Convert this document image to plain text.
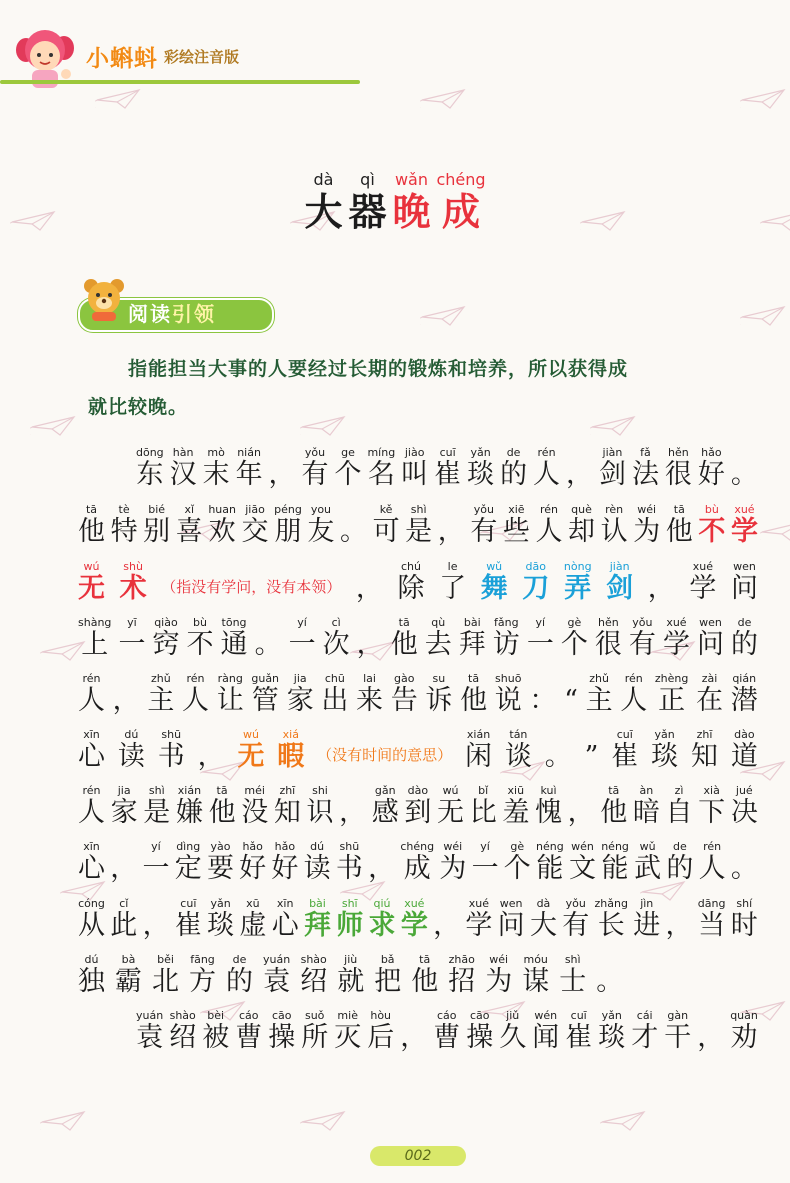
小蝌蚪 彩绘注音版
dà
大
qì
器
wǎn
晚
chéng
成
阅读引领
指能担当大事的人要经过长期的锻炼和培养，所以获得成
就比较晚。
dōng
东
hàn
汉
mò
末
nián
年 ，
yǒu
有
ge
个
míng
名
jiào
叫
cuī
崔
yǎn
琰
de
的
rén
人 ，
jiàn
剑
fǎ
法
hěn
很
hǎo
好 。
tā
他
tè
特
bié
别
xǐ
喜
huan
欢
jiāo
交
péng
朋
you
友 。
kě
可
shì
是 ，
yǒu
有
xiē
些
rén
人
què
却
rèn
认
wéi
为
tā
他
bù
不
xué
学
wú
无
shù
术 （指没有学问，没有本领） ，
chú
除
le
了
wǔ
舞
dāo
刀
nòng
弄
jiàn
剑 ，
xué
学
wen
问
shàng
上
yī
一
qiào
窍
bù
不
tōng
通 。
yí
一
cì
次 ，
tā
他
qù
去
bài
拜
fǎng
访
yí
一
gè
个
hěn
很
yǒu
有
xué
学
wen
问
de
的
rén
人 ，
zhǔ
主
rén
人
ràng
让
guǎn
管
jia
家
chū
出
lai
来
gào
告
su
诉
tā
他
shuō
说 ： “
zhǔ
主
rén
人
zhèng
正
zài
在
qián
潜
xīn
心
dú
读
shū
书 ，
wú
无
xiá
暇 （没有时间的意思）
xián
闲
tán
谈 。 ”
cuī
崔
yǎn
琰
zhī
知
dào
道
rén
人
jia
家
shì
是
xián
嫌
tā
他
méi
没
zhī
知
shi
识 ，
gǎn
感
dào
到
wú
无
bǐ
比
xiū
羞
kuì
愧 ，
tā
他
àn
暗
zì
自
xià
下
jué
决
xīn
心 ，
yí
一
dìng
定
yào
要
hǎo
好
hǎo
好
dú
读
shū
书 ，
chéng
成
wéi
为
yí
一
gè
个
néng
能
wén
文
néng
能
wǔ
武
de
的
rén
人 。
cóng
从
cǐ
此 ，
cuī
崔
yǎn
琰
xū
虚
xīn
心
bài
拜
shī
师
qiú
求
xué
学 ，
xué
学
wen
问
dà
大
yǒu
有
zhǎng
长
jìn
进 ，
dāng
当
shí
时
dú
独
bà
霸
běi
北
fāng
方
de
的
yuán
袁
shào
绍
jiù
就
bǎ
把
tā
他
zhāo
招
wéi
为
móu
谋
shì
士 。
yuán
袁
shào
绍
bèi
被
cáo
曹
cāo
操
suǒ
所
miè
灭
hòu
后 ，
cáo
曹
cāo
操
jiǔ
久
wén
闻
cuī
崔
yǎn
琰
cái
才
gàn
干 ，
quàn
劝
002
